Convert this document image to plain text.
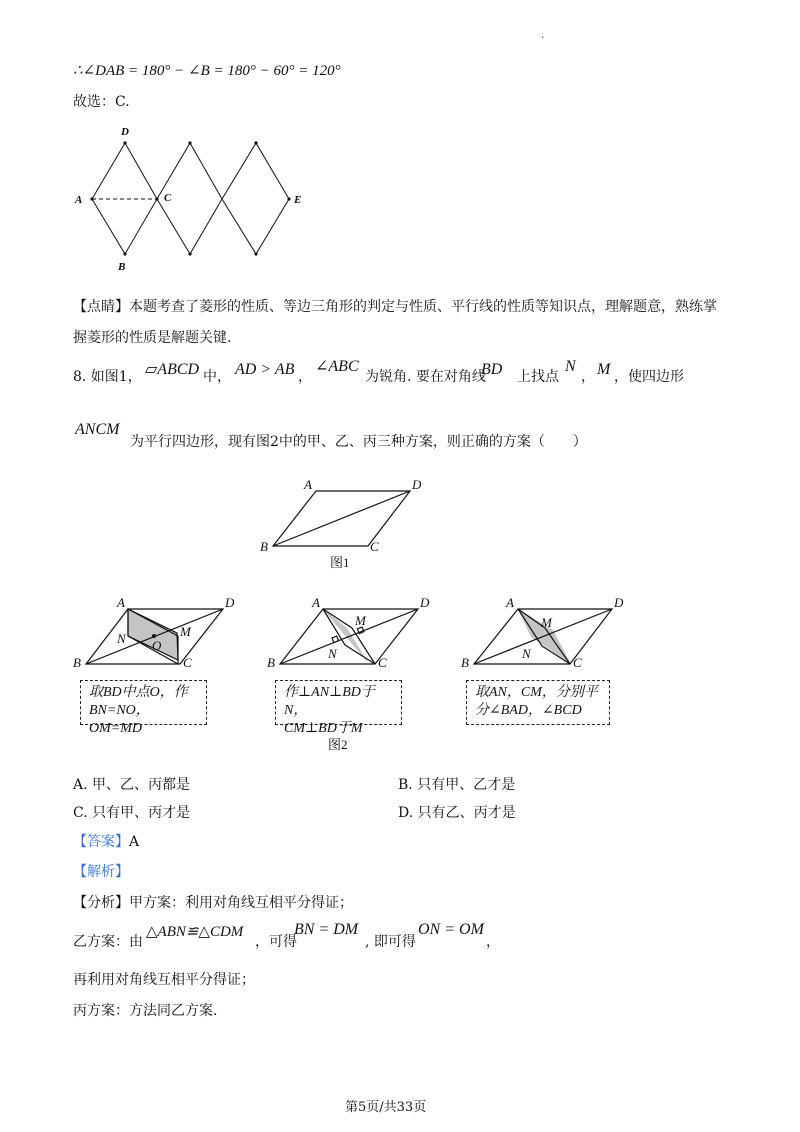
.
∴∠DAB = 180° − ∠B = 180° − 60° = 120°
故选：C.
D
A	C	E
B
【点睛】本题考查了菱形的性质、等边三角形的判定与性质、平行线的性质等知识点，理解题意，熟练掌
握菱形的性质是解题关键.
8. 如图1， ▱ABCD 中， AD > AB ，
∠ABC
为锐角. 要在对角线
BD 上找点
N
， M ，使四边形
ANCM
为平行四边形，现有图2中的甲、乙、丙三种方案，则正确的方案（　　）
A	D
B	C
图1
A	D
B	C
N	M
O
A	D
B	C
N
M
A	D
B	C
N
M
图2
取BD中点O，作
BN=NO，OM=MD
作⊥AN⊥BD于N，
CM⊥BD于M
取AN，CM，分别平
分∠BAD，∠BCD
A. 甲、乙、丙都是	B. 只有甲、乙才是
C. 只有甲、丙才是	D. 只有乙、丙才是
【答案】A
【解析】
【分析】甲方案：利用对角线互相平分得证；
乙方案：由
△ABN≌△CDM
，可得
BN = DM
, 即可得
ON = OM
，
再利用对角线互相平分得证；
丙方案：方法同乙方案.
第5页/共33页
